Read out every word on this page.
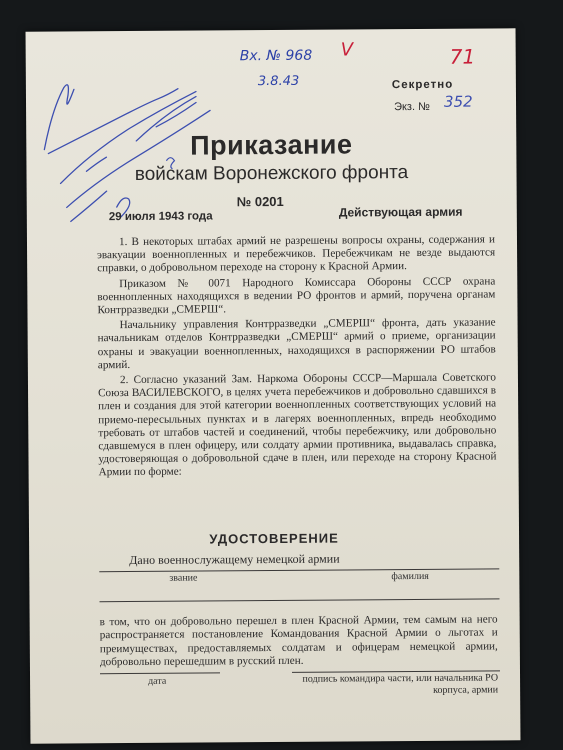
Вх. № 968
3.8.43
V	71
352
Секретно
Экз. №
Приказание
войскам Воронежского фронта
№ 0201
29 июля 1943 года	Действующая армия

1. В некоторых штабах армий не разрешены вопросы охраны, содержания и эвакуации военнопленных и перебежчиков. Перебежчикам не везде выдаются справки, о добровольном переходе на сторону к Красной Армии.

Приказом № 0071 Народного Комиссара Обороны СССР охрана военнопленных находящихся в ведении РО фронтов и армий, поручена органам Контрразведки „СМЕРШ“.

Начальнику управления Контрразведки „СМЕРШ“ фронта, дать указание начальникам отделов Контрразведки „СМЕРШ“ армий о приеме, организации охраны и эвакуации военнопленных, находящихся в распоряжении РО штабов армий.

2. Согласно указаний Зам. Наркома Обороны СССР—Маршала Советского Союза ВАСИЛЕВСКОГО, в целях учета перебежчиков и добровольно сдавшихся в плен и создания для этой категории военнопленных соответствующих условий на приемо-пересыльных пунктах и в лагерях военнопленных, впредь необходимо требовать от штабов частей и соединений, чтобы перебежчику, или добровольно сдавшемуся в плен офицеру, или солдату армии противника, выдавалась справка, удостоверяющая о добровольной сдаче в плен, или переходе на сторону Красной Армии по форме:

УДОСТОВЕРЕНИЕ
Дано военнослужащему немецкой армии
звание	фамилия

в том, что он добровольно перешел в плен Красной Армии, тем самым на него распространяется постановление Командования Красной Армии о льготах и преимуществах, предоставляемых солдатам и офицерам немецкой армии, добровольно перешедшим в русский плен.

дата	подпись командира части, или начальника РО корпуса, армии
